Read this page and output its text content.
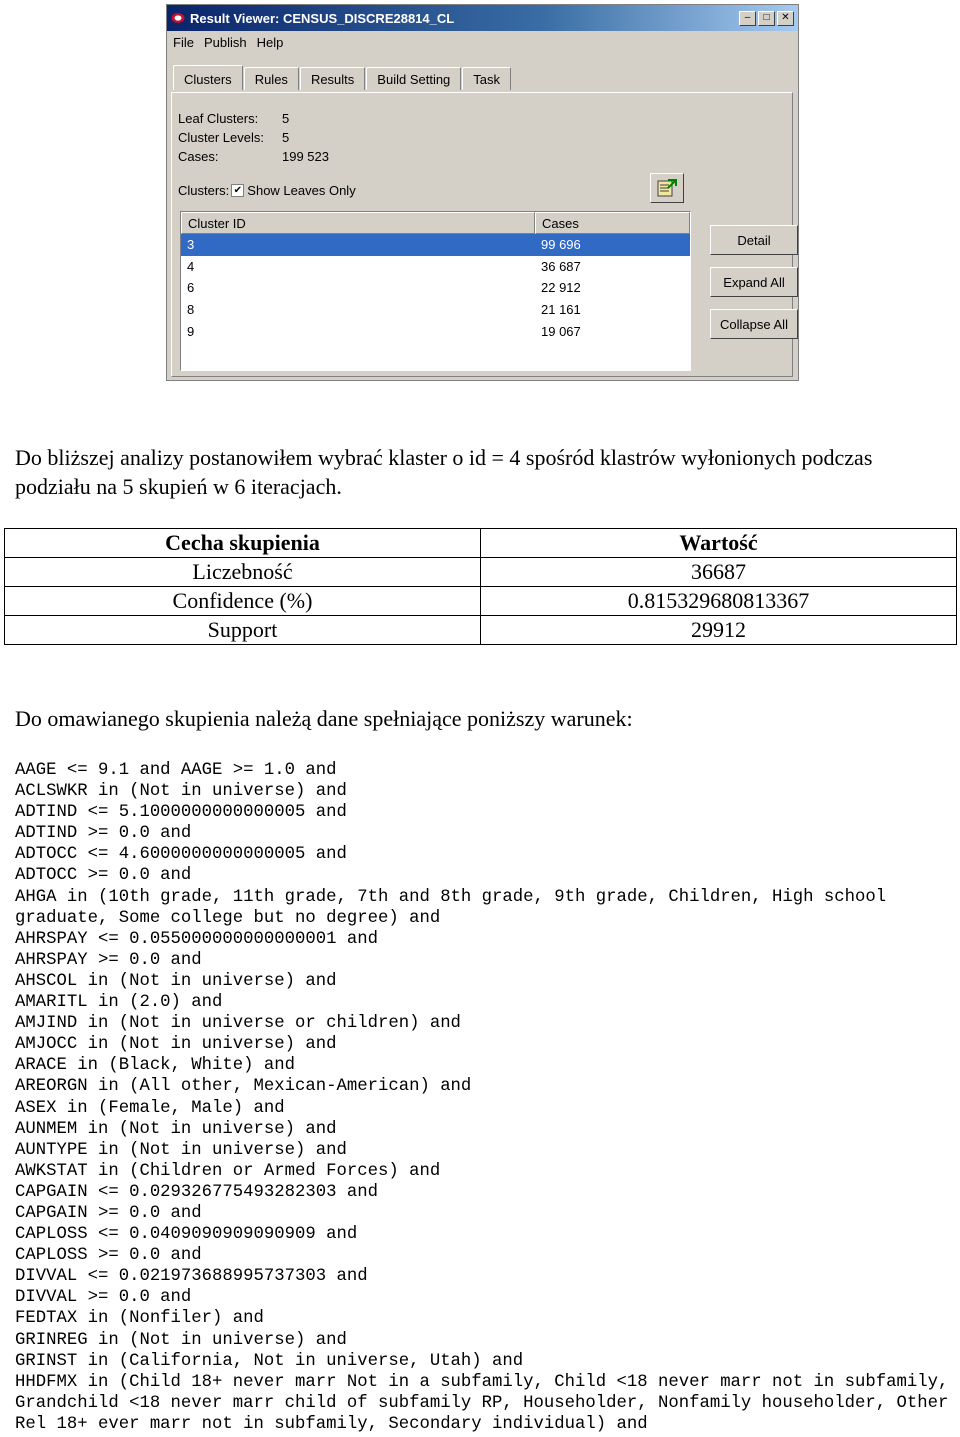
Result Viewer: CENSUS_DISCRE28814_CL	–	□	✕
File Publish Help
Clusters	Rules	Results	Build Setting	Task
Leaf Clusters:	5
Cluster Levels:	5
Cases:	199 523
Clusters: ✔ Show Leaves Only
Cluster ID	Cases
3	99 696
4	36 687
6	22 912
8	21 161
9	19 067
Detail
Expand All
Collapse All

Do bliższej analizy postanowiłem wybrać klaster o id = 4 spośród klastrów wyłonionych podczas podziału na 5 skupień w 6 iteracjach.

Cecha skupienia	Wartość
Liczebność	36687
Confidence (%)	0.815329680813367
Support	29912

Do omawianego skupienia należą dane spełniające poniższy warunek:

AAGE <= 9.1 and AAGE >= 1.0 and
ACLSWKR in (Not in universe) and
ADTIND <= 5.1000000000000005 and
ADTIND >= 0.0 and
ADTOCC <= 4.6000000000000005 and
ADTOCC >= 0.0 and
AHGA in (10th grade, 11th grade, 7th and 8th grade, 9th grade, Children, High school graduate, Some college but no degree) and
AHRSPAY <= 0.055000000000000001 and
AHRSPAY >= 0.0 and
AHSCOL in (Not in universe) and
AMARITL in (2.0) and
AMJIND in (Not in universe or children) and
AMJOCC in (Not in universe) and
ARACE in (Black, White) and
AREORGN in (All other, Mexican-American) and
ASEX in (Female, Male) and
AUNMEM in (Not in universe) and
AUNTYPE in (Not in universe) and
AWKSTAT in (Children or Armed Forces) and
CAPGAIN <= 0.029326775493282303 and
CAPGAIN >= 0.0 and
CAPLOSS <= 0.0409090909090909 and
CAPLOSS >= 0.0 and
DIVVAL <= 0.021973688995737303 and
DIVVAL >= 0.0 and
FEDTAX in (Nonfiler) and
GRINREG in (Not in universe) and
GRINST in (California, Not in universe, Utah) and
HHDFMX in (Child 18+ never marr Not in a subfamily, Child <18 never marr not in subfamily, Grandchild <18 never marr child of subfamily RP, Householder, Nonfamily householder, Other Rel 18+ ever marr not in subfamily, Secondary individual) and
